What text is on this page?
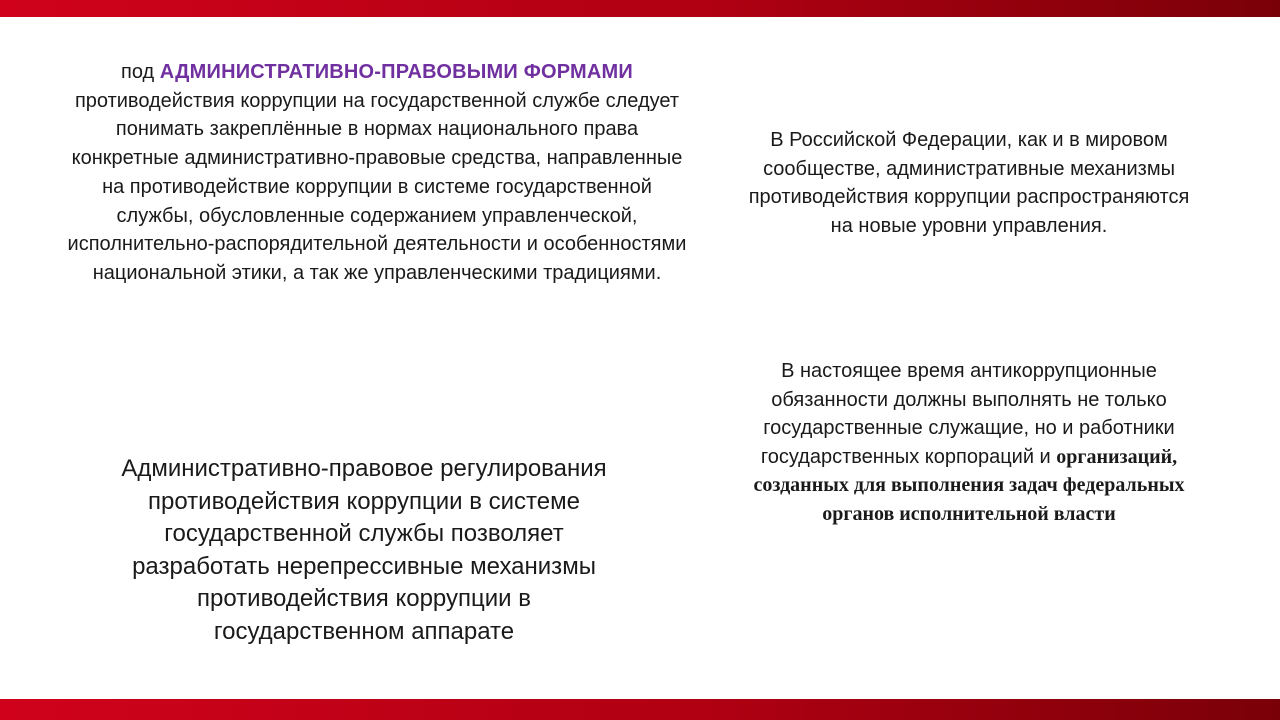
под АДМИНИСТРАТИВНО-ПРАВОВЫМИ ФОРМАМИ
противодействия коррупции на государственной службе следует понимать закреплённые в нормах национального права конкретные административно-правовые средства, направленные на противодействие коррупции в системе государственной службы, обусловленные содержанием управленческой, исполнительно-распорядительной деятельности и особенностями национальной этики, а так же управленческими традициями.
Административно-правовое регулирования противодействия коррупции в системе государственной службы позволяет разработать нерепрессивные механизмы противодействия коррупции в государственном аппарате
В Российской Федерации, как и в мировом сообществе, административные механизмы противодействия коррупции распространяются на новые уровни управления.
В настоящее время антикоррупционные обязанности должны выполнять не только государственные служащие, но и работники государственных корпораций и организаций, созданных для выполнения задач федеральных органов исполнительной власти
